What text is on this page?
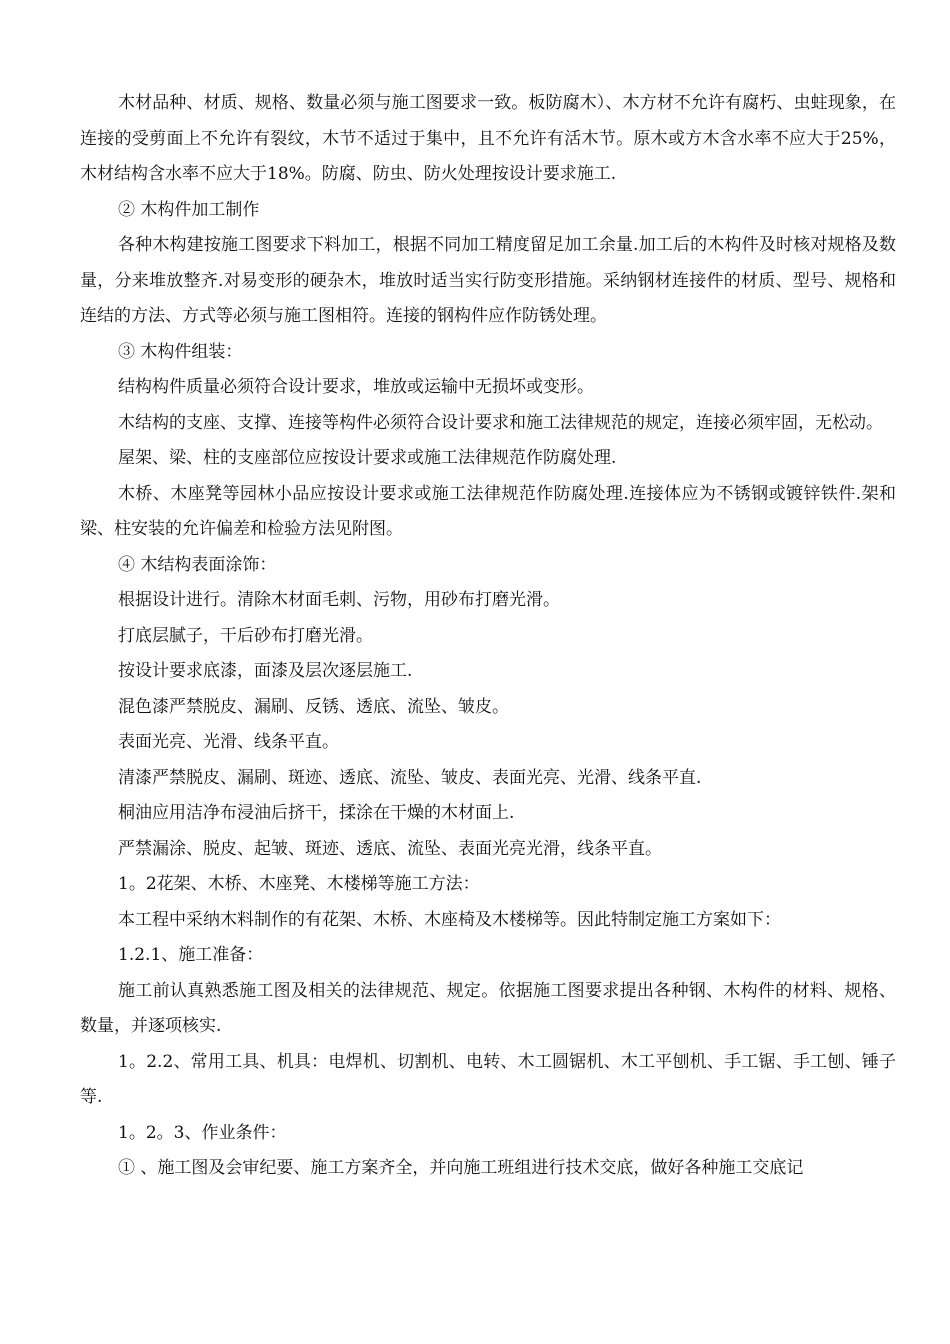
木材品种、材质、规格、数量必须与施工图要求一致。板防腐木）、木方材不允许有腐朽、虫蛀现象，在连接的受剪面上不允许有裂纹，木节不适过于集中，且不允许有活木节。原木或方木含水率不应大于25%，木材结构含水率不应大于18%。防腐、防虫、防火处理按设计要求施工.

② 木构件加工制作

各种木构建按施工图要求下料加工，根据不同加工精度留足加工余量.加工后的木构件及时核对规格及数量，分来堆放整齐.对易变形的硬杂木，堆放时适当实行防变形措施。采纳钢材连接件的材质、型号、规格和连结的方法、方式等必须与施工图相符。连接的钢构件应作防锈处理。

③ 木构件组装：

结构构件质量必须符合设计要求，堆放或运输中无损坏或变形。

木结构的支座、支撑、连接等构件必须符合设计要求和施工法律规范的规定，连接必须牢固，无松动。

屋架、梁、柱的支座部位应按设计要求或施工法律规范作防腐处理.

木桥、木座凳等园林小品应按设计要求或施工法律规范作防腐处理.连接体应为不锈钢或镀锌铁件.架和梁、柱安装的允许偏差和检验方法见附图。

④ 木结构表面涂饰：

根据设计进行。清除木材面毛刺、污物，用砂布打磨光滑。

打底层腻子，干后砂布打磨光滑。

按设计要求底漆，面漆及层次逐层施工.

混色漆严禁脱皮、漏刷、反锈、透底、流坠、皱皮。

表面光亮、光滑、线条平直。

清漆严禁脱皮、漏刷、斑迹、透底、流坠、皱皮、表面光亮、光滑、线条平直.

桐油应用洁净布浸油后挤干，揉涂在干燥的木材面上.

严禁漏涂、脱皮、起皱、斑迹、透底、流坠、表面光亮光滑，线条平直。

1。2花架、木桥、木座凳、木楼梯等施工方法：

本工程中采纳木料制作的有花架、木桥、木座椅及木楼梯等。因此特制定施工方案如下：

1.2.1、施工准备：

施工前认真熟悉施工图及相关的法律规范、规定。依据施工图要求提出各种钢、木构件的材料、规格、数量，并逐项核实.

1。2.2、常用工具、机具：电焊机、切割机、电转、木工圆锯机、木工平刨机、手工锯、手工刨、锤子等.

1。2。3、作业条件：

① 、施工图及会审纪要、施工方案齐全，并向施工班组进行技术交底，做好各种施工交底记
